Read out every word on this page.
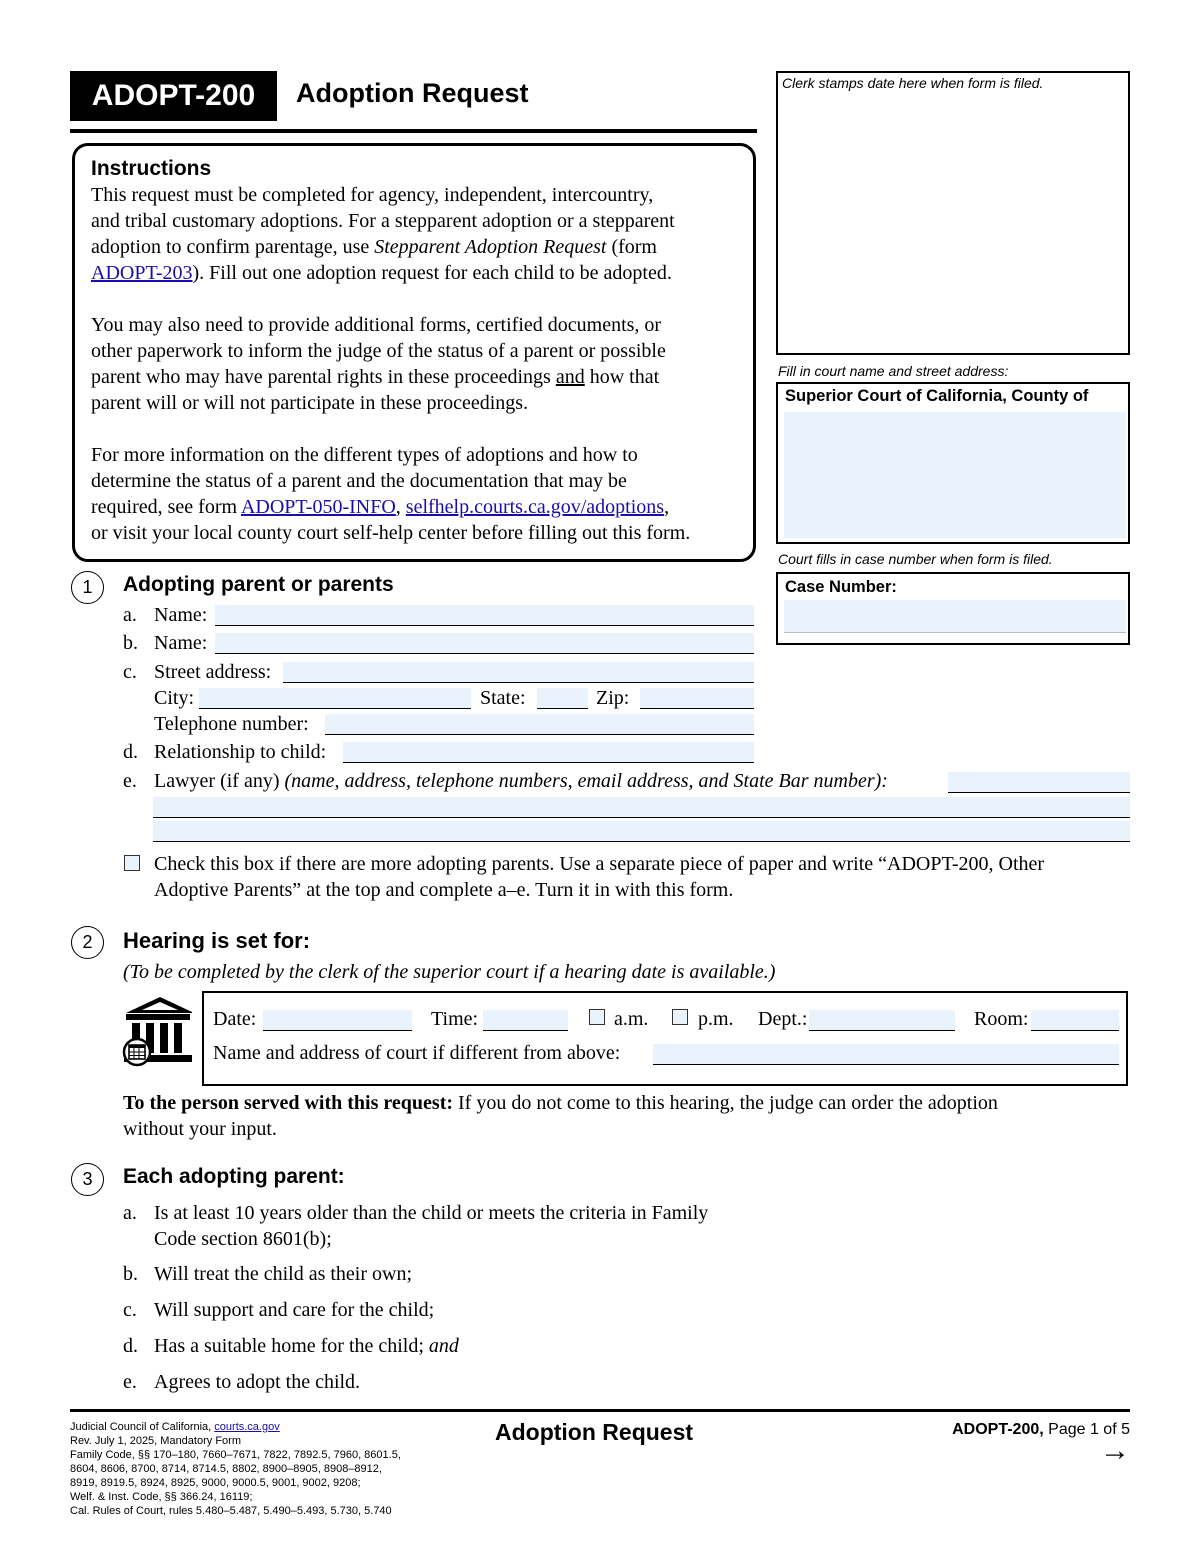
ADOPT-200	Adoption Request	Clerk stamps date here when form is filed.
Fill in court name and street address:
Superior Court of California, County of
Court fills in case number when form is filed.
Case Number:
Instructions
This request must be completed for agency, independent, intercountry,
and tribal customary adoptions. For a stepparent adoption or a stepparent
adoption to confirm parentage, use Stepparent Adoption Request (form
ADOPT-203). Fill out one adoption request for each child to be adopted.
You may also need to provide additional forms, certified documents, or
other paperwork to inform the judge of the status of a parent or possible
parent who may have parental rights in these proceedings and how that
parent will or will not participate in these proceedings.
For more information on the different types of adoptions and how to
determine the status of a parent and the documentation that may be
required, see form ADOPT-050-INFO, selfhelp.courts.ca.gov/adoptions,
or visit your local county court self-help center before filling out this form.
1	Adopting parent or parents
a. Name:
b. Name:
c. Street address:
City:	State:	Zip:
Telephone number:
d. Relationship to child:
e. Lawyer (if any) (name, address, telephone numbers, email address, and State Bar number):
Check this box if there are more adopting parents. Use a separate piece of paper and write “ADOPT-200, Other
Adoptive Parents” at the top and complete a–e. Turn it in with this form.
2	Hearing is set for:
(To be completed by the clerk of the superior court if a hearing date is available.)
Date:	Time:	a.m. p.m. Dept.:	Room:
Name and address of court if different from above:
To the person served with this request: If you do not come to this hearing, the judge can order the adoption
without your input.
3	Each adopting parent:
a. Is at least 10 years older than the child or meets the criteria in Family
Code section 8601(b);
b. Will treat the child as their own;
c. Will support and care for the child;
d. Has a suitable home for the child; and
e. Agrees to adopt the child.
Judicial Council of California, courts.ca.gov
Rev. July 1, 2025, Mandatory Form
Family Code, §§ 170–180, 7660–7671, 7822, 7892.5, 7960, 8601.5,
8604, 8606, 8700, 8714, 8714.5, 8802, 8900–8905, 8908–8912,
8919, 8919.5, 8924, 8925, 9000, 9000.5, 9001, 9002, 9208;
Welf. & Inst. Code, §§ 366.24, 16119;
Cal. Rules of Court, rules 5.480–5.487, 5.490–5.493, 5.730, 5.740
Adoption Request	ADOPT-200, Page 1 of 5
→
